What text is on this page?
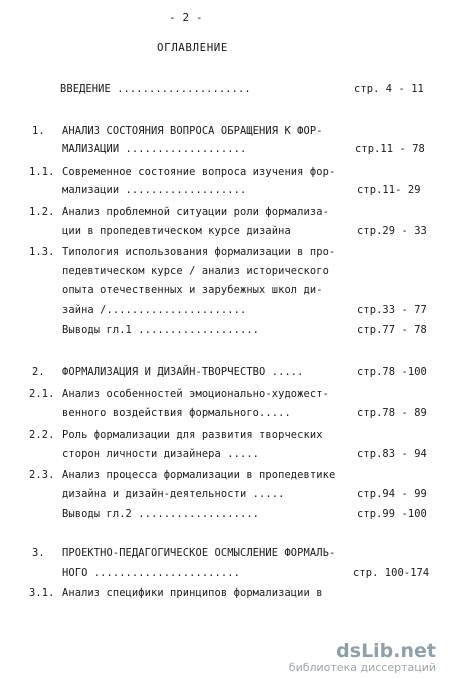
- 2 -
ОГЛАВЛЕНИЕ
ВВЕДЕНИЕ .....................	стр. 4 - 11
1. АНАЛИЗ СОСТОЯНИЯ ВОПРОСА ОБРАЩЕНИЯ К ФОР-
МАЛИЗАЦИИ ...................	стр.11 - 78
1.1. Современное состояние вопроса изучения фор-
мализации ...................	стр.11- 29
1.2. Анализ проблемной ситуации роли формализа-
ции в пропедевтическом курсе дизайна	стр.29 - 33
1.3. Типология использования формализации в про-
педевтическом курсе / анализ исторического
опыта отечественных и зарубежных школ ди-
зайна /......................	стр.33 - 77
Выводы гл.1 ...................	стр.77 - 78
2. ФОРМАЛИЗАЦИЯ И ДИЗАЙН-ТВОРЧЕСТВО .....	стр.78 -100
2.1. Анализ особенностей эмоционально-художест-
венного воздействия формального.....	стр.78 - 89
2.2. Роль формализации для развития творческих
сторон личности дизайнера .....	стр.83 - 94
2.3. Анализ процесса формализации в пропедевтике
дизайна и дизайн-деятельности .....	стр.94 - 99
Выводы гл.2 ...................	стр.99 -100
3. ПРОЕКТНО-ПЕДАГОГИЧЕСКОЕ ОСМЫСЛЕНИЕ ФОРМАЛЬ-
НОГО .......................	стр. 100-174
3.1. Анализ специфики принципов формализации в
dsLib.net
библиотека диссертаций
